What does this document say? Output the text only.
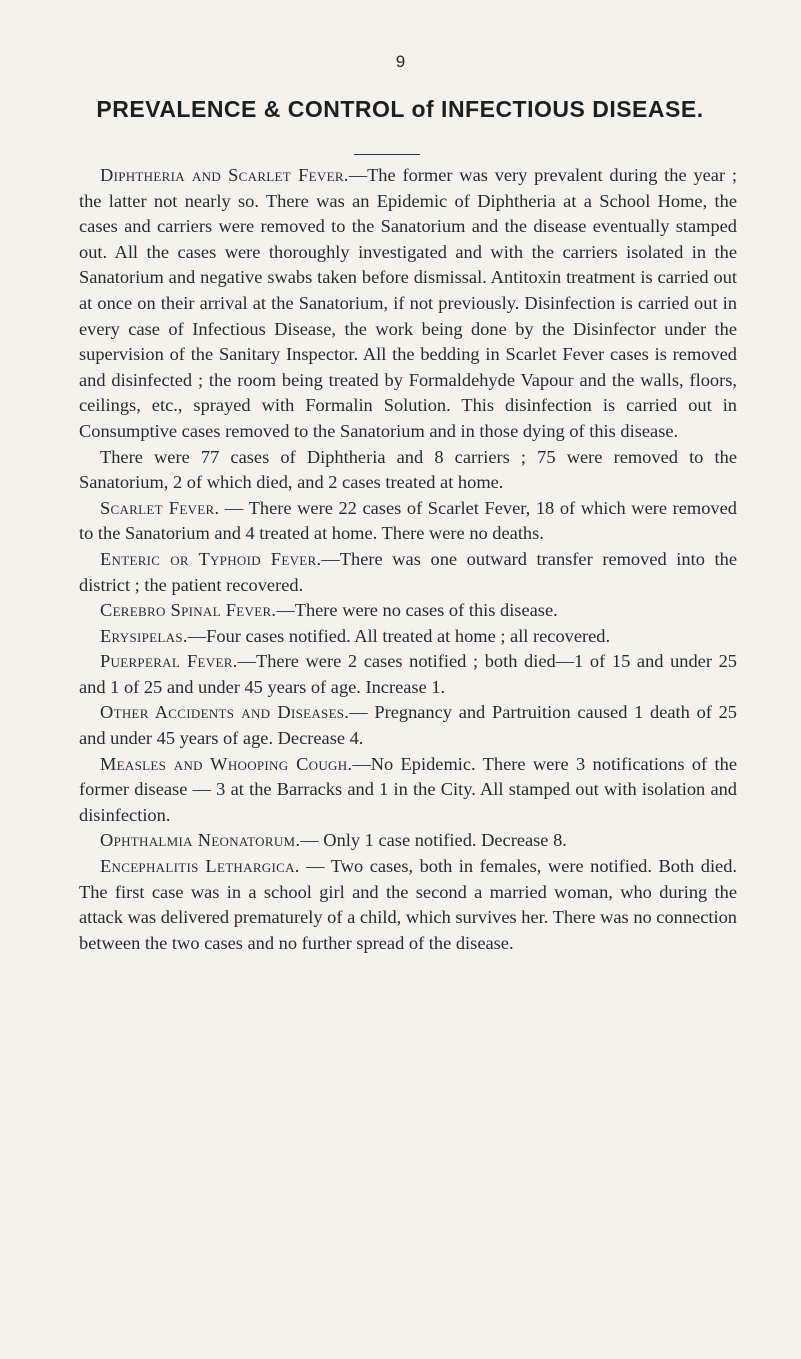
9
PREVALENCE & CONTROL of INFECTIOUS DISEASE.

Diphtheria and Scarlet Fever.—The former was very prevalent during the year ; the latter not nearly so. There was an Epidemic of Diphtheria at a School Home, the cases and carriers were removed to the Sanatorium and the disease eventually stamped out. All the cases were thoroughly investigated and with the carriers isolated in the Sanatorium and negative swabs taken before dismissal. Antitoxin treatment is carried out at once on their arrival at the Sanatorium, if not previously. Disinfection is carried out in every case of Infectious Disease, the work being done by the Disinfector under the supervision of the Sanitary Inspector. All the bedding in Scarlet Fever cases is removed and disinfected ; the room being treated by Formaldehyde Vapour and the walls, floors, ceilings, etc., sprayed with Formalin Solution. This disinfection is carried out in Consumptive cases removed to the Sanatorium and in those dying of this disease.

There were 77 cases of Diphtheria and 8 carriers ; 75 were removed to the Sanatorium, 2 of which died, and 2 cases treated at home.

Scarlet Fever. — There were 22 cases of Scarlet Fever, 18 of which were removed to the Sanatorium and 4 treated at home. There were no deaths.

Enteric or Typhoid Fever.—There was one outward transfer removed into the district ; the patient recovered.

Cerebro Spinal Fever.—There were no cases of this disease.

Erysipelas.—Four cases notified. All treated at home ; all recovered.

Puerperal Fever.—There were 2 cases notified ; both died—1 of 15 and under 25 and 1 of 25 and under 45 years of age. Increase 1.

Other Accidents and Diseases.— Pregnancy and Partruition caused 1 death of 25 and under 45 years of age. Decrease 4.

Measles and Whooping Cough.—No Epidemic. There were 3 notifications of the former disease — 3 at the Barracks and 1 in the City. All stamped out with isolation and disinfection.

Ophthalmia Neonatorum.— Only 1 case notified. Decrease 8.

Encephalitis Lethargica. — Two cases, both in females, were notified. Both died. The first case was in a school girl and the second a married woman, who during the attack was delivered prematurely of a child, which survives her. There was no connection between the two cases and no further spread of the disease.
